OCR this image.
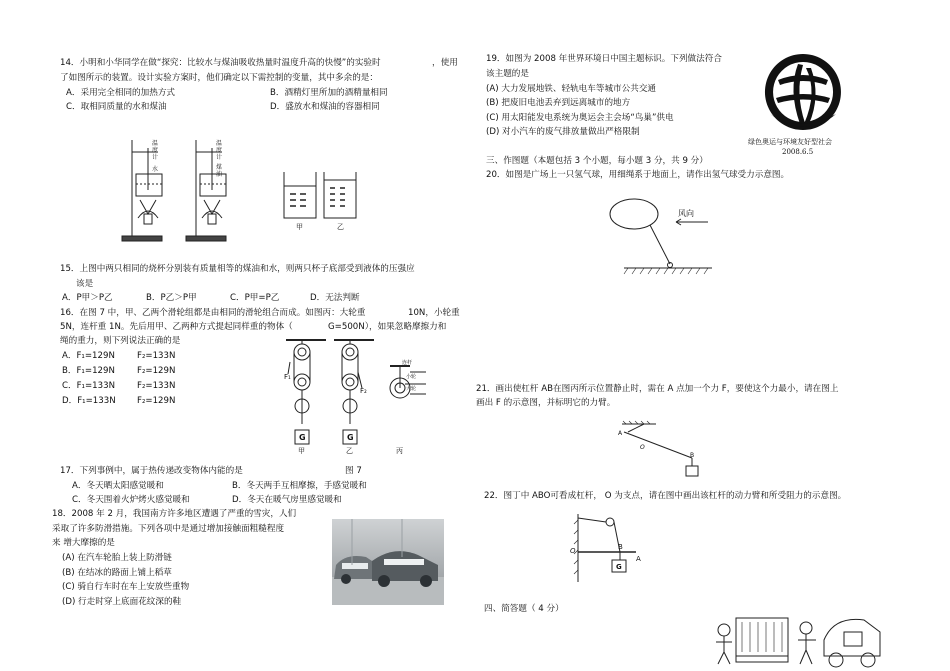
14．小明和小华同学在做“探究：比较水与煤油吸收热量时温度升高的快慢”的实验时	，使用
了如图所示的装置。设计实验方案时，他们确定以下需控制的变量，其中多余的是：
A．采用完全相同的加热方式	B．酒精灯里所加的酒精量相同
C．取相同质量的水和煤油	D．盛放水和煤油的容器相同
温度计
水
温度计
煤油
甲	乙
15．上图中两只相同的烧杯分别装有质量相等的煤油和水，则两只杯子底部受到液体的压强应
该是
A．P甲＞P乙	B．P乙＞P甲	C．P甲=P乙	D．无法判断
16．在图 7 中，甲、乙两个滑轮组都是由相同的滑轮组合而成。如图丙：大轮重	10N，小轮重
5N，连杆重 1N。先后用甲、乙两种方式提起同样重的物体（	G=500N），如果忽略摩擦力和
绳的重力，则下列说法正确的是
A．F₁=129N	F₂=133N
B．F₁=129N	F₂=129N
C．F₁=133N	F₂=133N
D．F₁=133N F₂=129N
F₁
F₂
G	G
甲	乙	丙
连杆
小轮
大轮
图 7
17．下列事例中，属于热传递改变物体内能的是
A．冬天晒太阳感觉暖和	B．冬天两手互相摩擦，手感觉暖和
C．冬天围着火炉烤火感觉暖和	D．冬天在暖气房里感觉暖和
18．2008 年 2 月，我国南方许多地区遭遇了严重的雪灾，人们
采取了许多防滑措施。下列各项中是通过增加接触面粗糙程度
来 增大摩擦的是
(A) 在汽车轮胎上装上防滑链
(B) 在结冰的路面上铺上稻草
(C) 骑自行车时在车上安放些重物
(D) 行走时穿上底面花纹深的鞋
19．如图为 2008 年世界环境日中国主题标识。下列做法符合
该主题的是
(A) 大力发展地铁、轻轨电车等城市公共交通
(B) 把废旧电池丢弃到远离城市的地方
(C) 用太阳能发电系统为奥运会主会场“鸟巢”供电
(D) 对小汽车的废气排放量做出严格限制
绿色奥运与环境友好型社会
2008.6.5
三、作图题（本题包括 3 个小题，每小题 3 分，共 9 分）
20．如图是广场上一只氢气球，用细绳系于地面上，请作出氢气球受力示意图。
风向
21．画出使杠杆 AB在图丙所示位置静止时，需在 A 点加一个力 F，要使这个力最小，请在图上
画出 F 的示意图，并标明它的力臂。
A
O
B
22．图丁中 ABO可看成杠杆， O 为支点，请在图中画出该杠杆的动力臂和所受阻力的示意图。
O	B
A
G
四、简答题（ 4 分）
